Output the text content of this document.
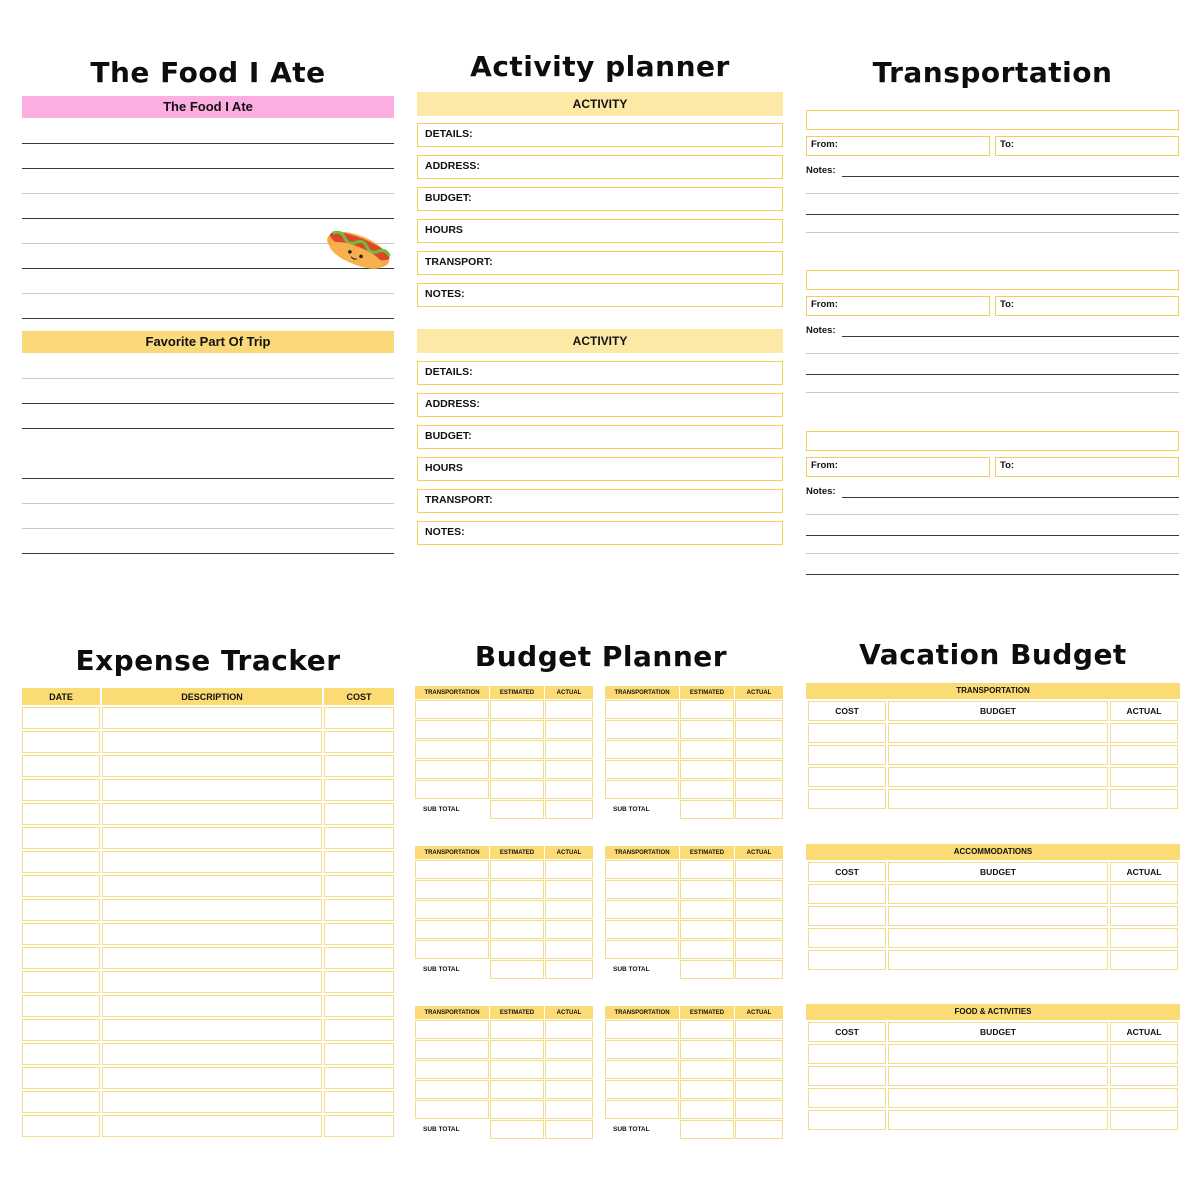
The Food I Ate
The Food I Ate
Favorite Part Of Trip
Activity planner
ACTIVITY
DETAILS:
ADDRESS:
BUDGET:
HOURS
TRANSPORT:
NOTES:
ACTIVITY
DETAILS:
ADDRESS:
BUDGET:
HOURS
TRANSPORT:
NOTES:
Transportation
From:	To:
Notes:
From:	To:
Notes:
From:	To:
Notes:
Expense Tracker
DATE	DESCRIPTION	COST

Budget Planner
TRANSPORTATION	ESTIMATED	ACTUAL

SUB TOTAL		
TRANSPORTATION	ESTIMATED	ACTUAL

SUB TOTAL		
TRANSPORTATION	ESTIMATED	ACTUAL

SUB TOTAL		
TRANSPORTATION	ESTIMATED	ACTUAL

SUB TOTAL		
TRANSPORTATION	ESTIMATED	ACTUAL

SUB TOTAL		
TRANSPORTATION	ESTIMATED	ACTUAL

SUB TOTAL		
Vacation Budget
TRANSPORTATION
COST	BUDGET	ACTUAL

ACCOMMODATIONS
COST	BUDGET	ACTUAL

FOOD & ACTIVITIES
COST	BUDGET	ACTUAL
